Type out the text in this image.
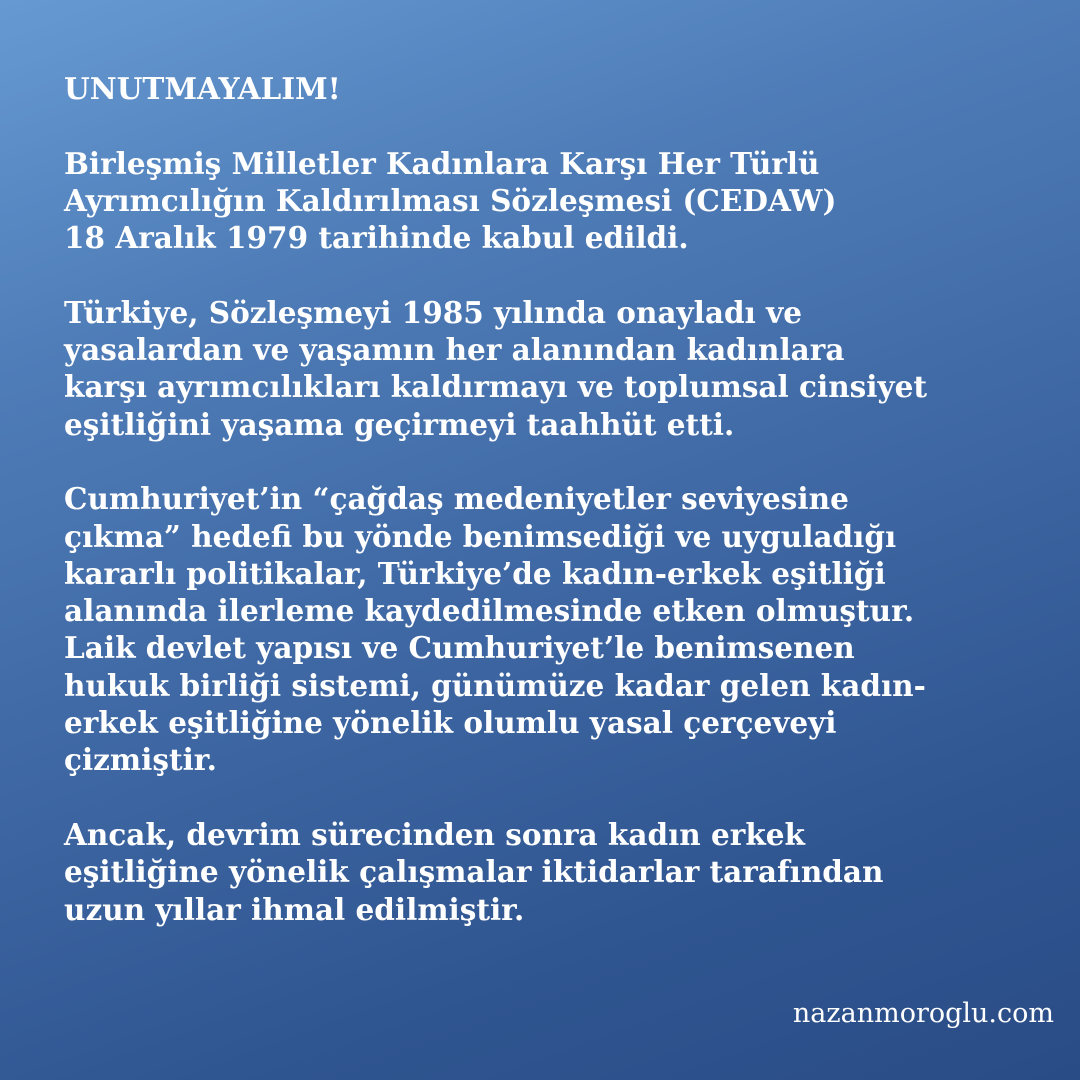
UNUTMAYALIM!

Birleşmiş Milletler Kadınlara Karşı Her Türlü
Ayrımcılığın Kaldırılması Sözleşmesi (CEDAW)
18 Aralık 1979 tarihinde kabul edildi.

Türkiye, Sözleşmeyi 1985 yılında onayladı ve
yasalardan ve yaşamın her alanından kadınlara
karşı ayrımcılıkları kaldırmayı ve toplumsal cinsiyet
eşitliğini yaşama geçirmeyi taahhüt etti.

Cumhuriyet’in “çağdaş medeniyetler seviyesine
çıkma” hedefi bu yönde benimsediği ve uyguladığı
kararlı politikalar, Türkiye’de kadın-erkek eşitliği
alanında ilerleme kaydedilmesinde etken olmuştur.
Laik devlet yapısı ve Cumhuriyet’le benimsenen
hukuk birliği sistemi, günümüze kadar gelen kadın-
erkek eşitliğine yönelik olumlu yasal çerçeveyi
çizmiştir.

Ancak, devrim sürecinden sonra kadın erkek
eşitliğine yönelik çalışmalar iktidarlar tarafından
uzun yıllar ihmal edilmiştir.

nazanmoroglu.com
